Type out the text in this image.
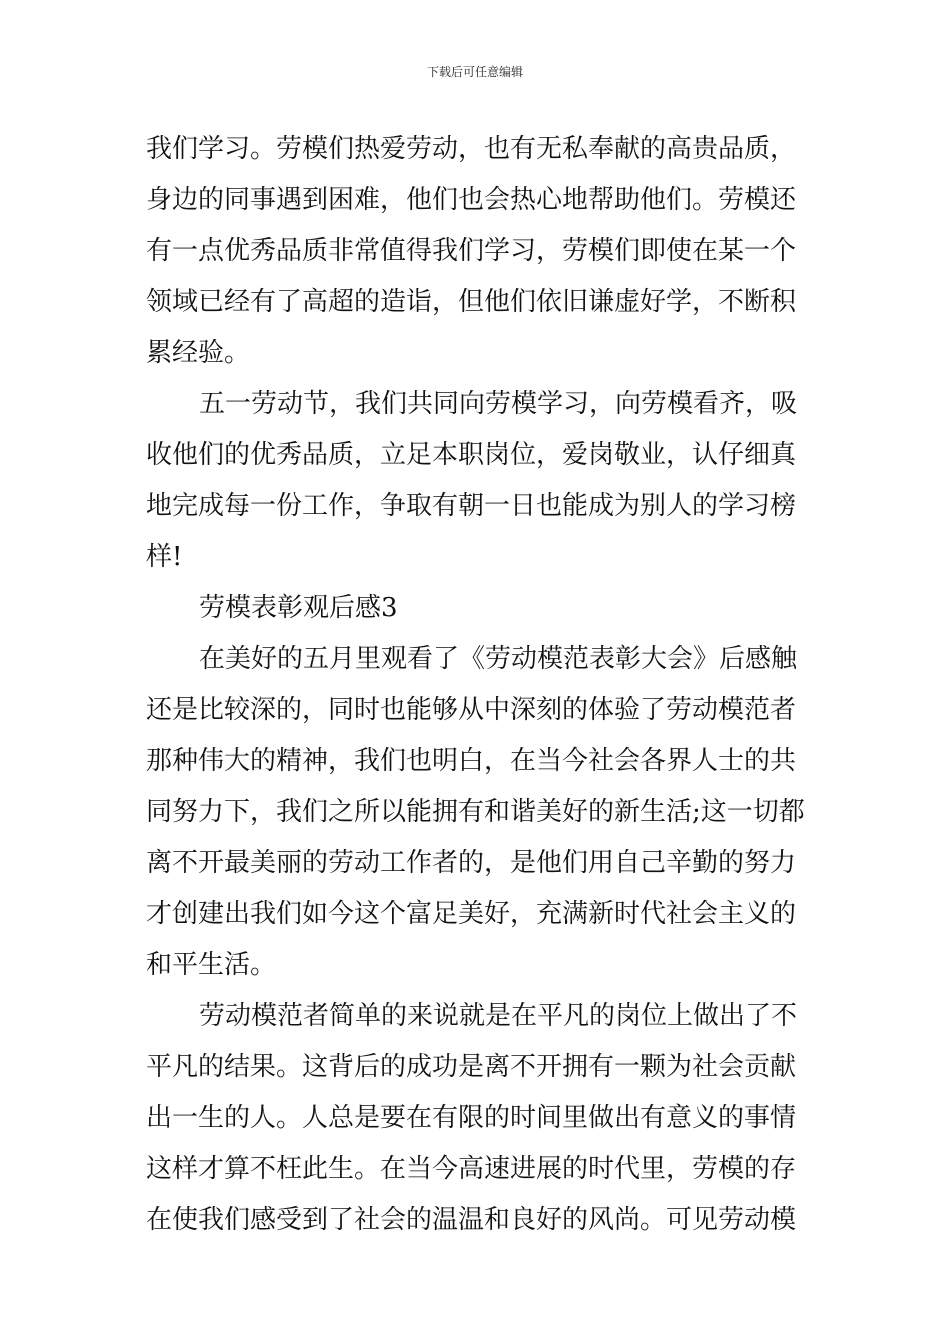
下载后可任意编辑
我们学习。劳模们热爱劳动，也有无私奉献的高贵品质，
身边的同事遇到困难，他们也会热心地帮助他们。劳模还
有一点优秀品质非常值得我们学习，劳模们即使在某一个
领域已经有了高超的造诣，但他们依旧谦虚好学，不断积
累经验。
五一劳动节，我们共同向劳模学习，向劳模看齐，吸
收他们的优秀品质，立足本职岗位，爱岗敬业，认仔细真
地完成每一份工作，争取有朝一日也能成为别人的学习榜
样!
劳模表彰观后感3
在美好的五月里观看了《劳动模范表彰大会》后感触
还是比较深的，同时也能够从中深刻的体验了劳动模范者
那种伟大的精神，我们也明白，在当今社会各界人士的共
同努力下，我们之所以能拥有和谐美好的新生活;这一切都
离不开最美丽的劳动工作者的，是他们用自己辛勤的努力
才创建出我们如今这个富足美好，充满新时代社会主义的
和平生活。
劳动模范者简单的来说就是在平凡的岗位上做出了不
平凡的结果。这背后的成功是离不开拥有一颗为社会贡献
出一生的人。人总是要在有限的时间里做出有意义的事情
这样才算不枉此生。在当今高速进展的时代里，劳模的存
在使我们感受到了社会的温温和良好的风尚。可见劳动模
